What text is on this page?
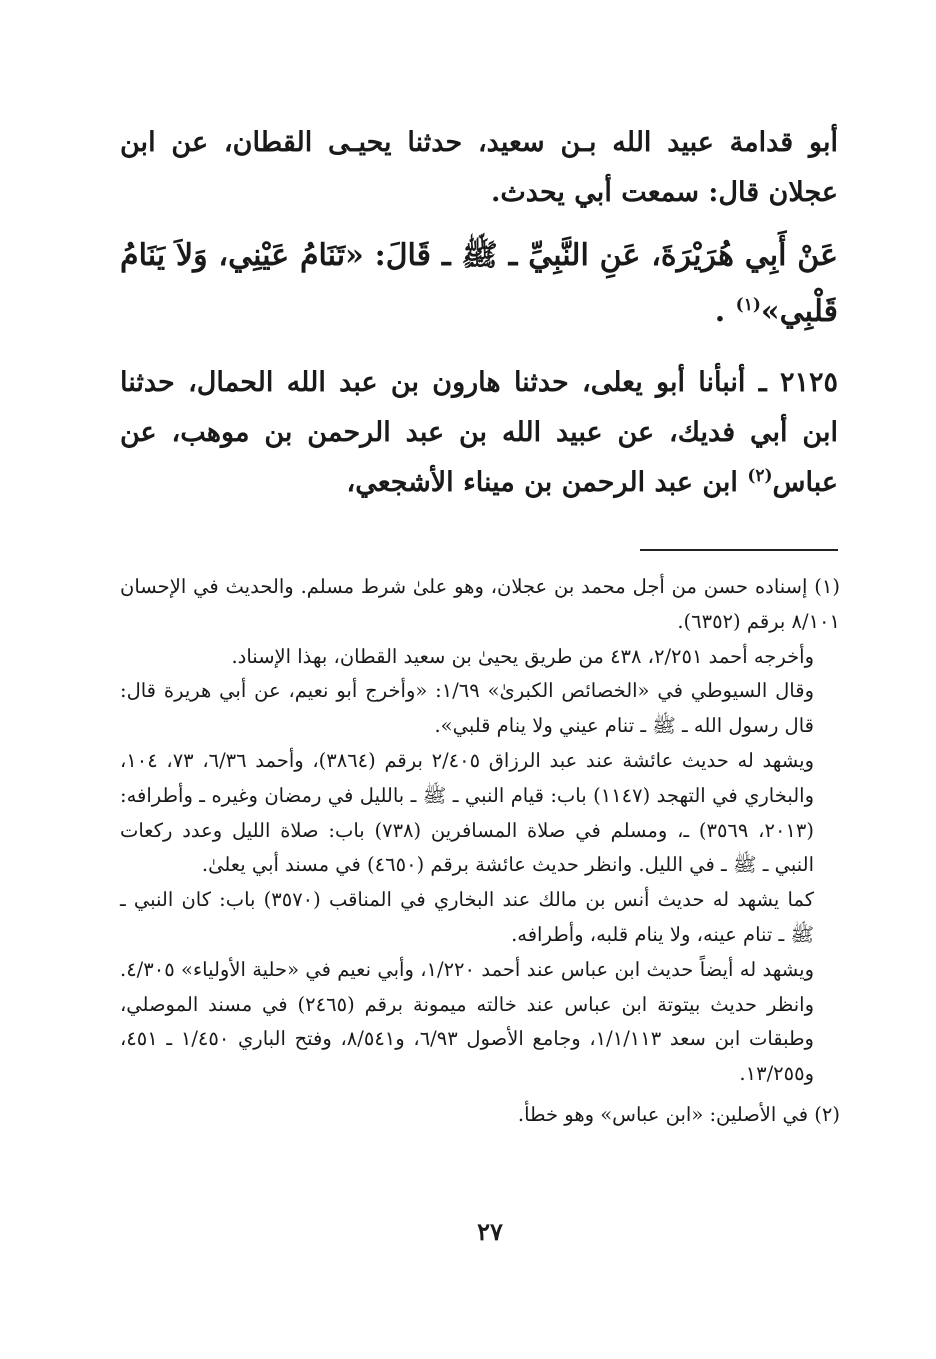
أبو قدامة عبيد الله بـن سعيد، حدثنا يحيـى القطان، عن ابن عجلان قال: سمعت أبي يحدث.

عَنْ أَبِي هُرَيْرَةَ، عَنِ النَّبِيِّ ـ ﷺ ـ قَالَ: «تَنَامُ عَيْنِي، وَلاَ يَنَامُ قَلْبِي»$^{(١)}$ .

٢١٢٥ ـ أنبأنا أبو يعلى، حدثنا هارون بن عبد الله الحمال، حدثنا ابن أبي فديك، عن عبيد الله بن عبد الرحمن بن موهب، عن عباس$^{(٢)}$ ابن عبد الرحمن بن ميناء الأشجعي،

(١) إسناده حسن من أجل محمد بن عجلان، وهو علىٰ شرط مسلم. والحديث في الإحسان ٨/١٠١ برقم (٦٣٥٢).

وأخرجه أحمد ٢/٢٥١، ٤٣٨ من طريق يحيىٰ بن سعيد القطان، بهذا الإسناد.

وقال السيوطي في «الخصائص الكبرىٰ» ١/٦٩: «وأخرج أبو نعيم، عن أبي هريرة قال: قال رسول الله ـ ﷺ ـ تنام عيني ولا ينام قلبي».

ويشهد له حديث عائشة عند عبد الرزاق ٢/٤٠٥ برقم (٣٨٦٤)، وأحمد ٦/٣٦، ٧٣، ١٠٤، والبخاري في التهجد (١١٤٧) باب: قيام النبي ـ ﷺ ـ بالليل في رمضان وغيره ـ وأطرافه: (٢٠١٣، ٣٥٦٩) ـ، ومسلم في صلاة المسافرين (٧٣٨) باب: صلاة الليل وعدد ركعات النبي ـ ﷺ ـ في الليل. وانظر حديث عائشة برقم (٤٦٥٠) في مسند أبي يعلىٰ.

كما يشهد له حديث أنس بن مالك عند البخاري في المناقب (٣٥٧٠) باب: كان النبي ـ ﷺ ـ تنام عينه، ولا ينام قلبه، وأطرافه.

ويشهد له أيضاً حديث ابن عباس عند أحمد ١/٢٢٠، وأبي نعيم في «حلية الأولياء» ٤/٣٠٥. وانظر حديث بيتوتة ابن عباس عند خالته ميمونة برقم (٢٤٦٥) في مسند الموصلي، وطبقات ابن سعد ١/١/١١٣، وجامع الأصول ٦/٩٣، و٨/٥٤١، وفتح الباري ١/٤٥٠ ـ ٤٥١، و١٣/٢٥٥.

(٢) في الأصلين: «ابن عباس» وهو خطأ.

٢٧
